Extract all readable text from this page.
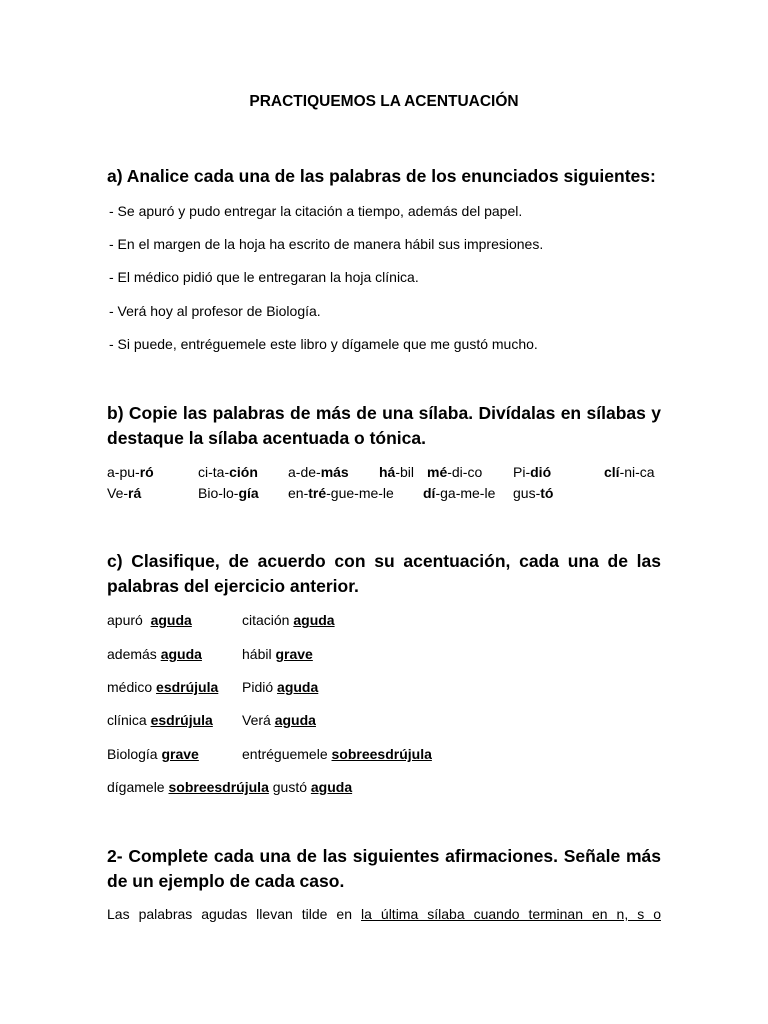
PRACTIQUEMOS LA ACENTUACIÓN
a) Analice cada una de las palabras de los enunciados siguientes:
- Se apuró y pudo entregar la citación a tiempo, además del papel.
- En el margen de la hoja ha escrito de manera hábil sus impresiones.
- El médico pidió que le entregaran la hoja clínica.
- Verá hoy al profesor de Biología.
- Si puede, entréguemele este libro y dígamele que me gustó mucho.
b) Copie las palabras de más de una sílaba. Divídalas en sílabas y destaque la sílaba acentuada o tónica.
a-pu-ró	ci-ta-ción a-de-más há-bil mé-di-co Pi-dió	clí-ni-ca
Ve-rá	Bio-lo-gía en-tré-gue-me-le dí-ga-me-le gus-tó
c) Clasifique, de acuerdo con su acentuación, cada una de las palabras del ejercicio anterior.
apuró aguda	citación aguda
además aguda	hábil grave
médico esdrújula Pidió aguda
clínica esdrújula Verá aguda
Biología grave	entréguemele sobreesdrújula
dígamele sobreesdrújula gustó aguda
2- Complete cada una de las siguientes afirmaciones. Señale más de un ejemplo de cada caso.
Las palabras agudas llevan tilde en la última sílaba cuando terminan en n, s o
